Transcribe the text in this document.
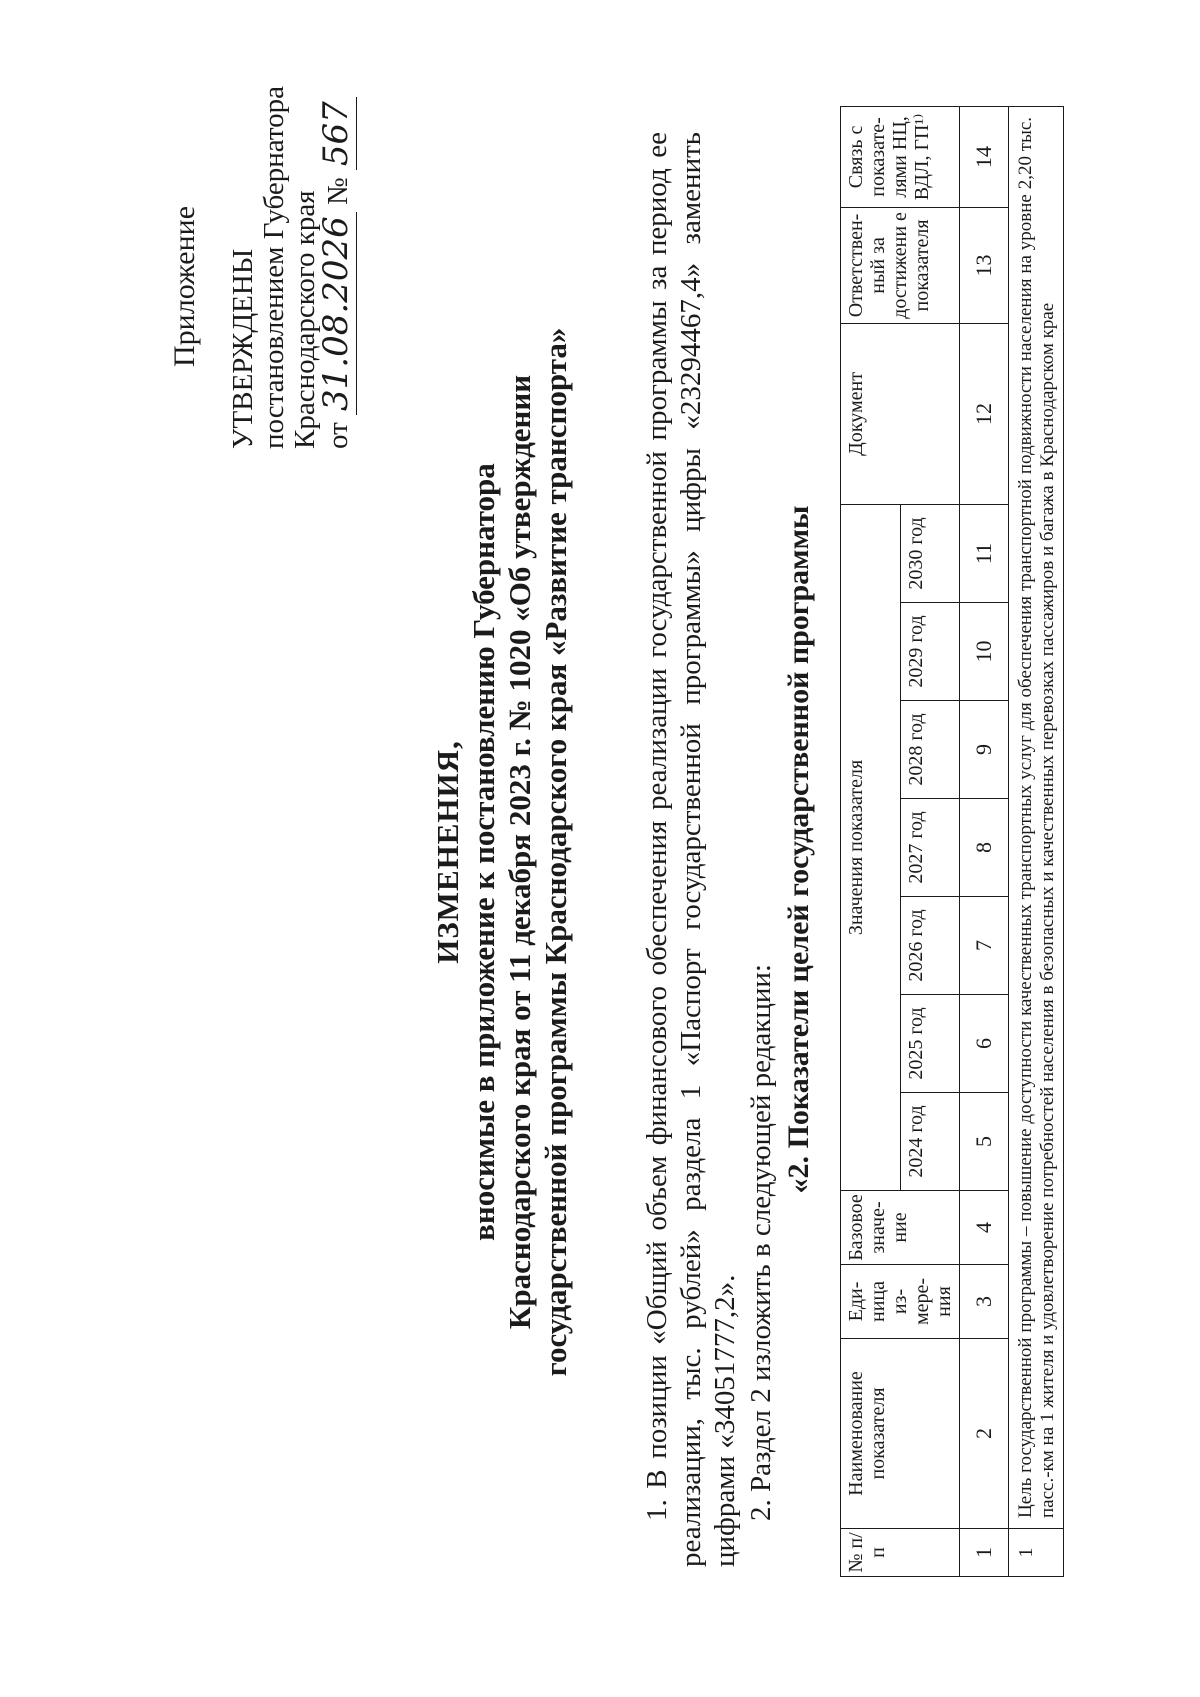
Приложение УТВЕРЖДЕНЫ постановлением Губернатора Краснодарского края от 31.08.2026 № 567
ИЗМЕНЕНИЯ, вносимые в приложение к постановлению Губернатора Краснодарского края от 11 декабря 2023 г. № 1020 «Об утверждении государственной программы Краснодарского края «Развитие транспорта» 1. В позиции «Общий объем финансового обеспечения реализации государственной программы за период ее реализации, тыс. рублей» раздела 1 «Паспорт государственной программы» цифры «23294467,4» заменить цифрами «34051777,2». 2. Раздел 2 изложить в следующей редакции:

«2. Показатели целей государственной программы
№ п/ п	Наименование показателя	Еди- ница из- мере- ния	Базовое значе- ние	Значения показателя							Документ	Ответствен- ный за достижени е показателя	Связь с показате- лями НЦ, ВДЛ, ГП¹⁾
				2024 год	2025 год	2026 год	2027 год	2028 год	2029 год	2030 год			
1	2	3	4	5	6	7	8	9	10	11	12	13	14
1	Цель государственной программы – повышение доступности качественных транспортных услуг для обеспечения транспортной подвижности населения на уровне 2,20 тыс. пасс.-км на 1 жителя и удовлетворение потребностей населения в безопасных и качественных перевозках пассажиров и багажа в Краснодарском крае												
